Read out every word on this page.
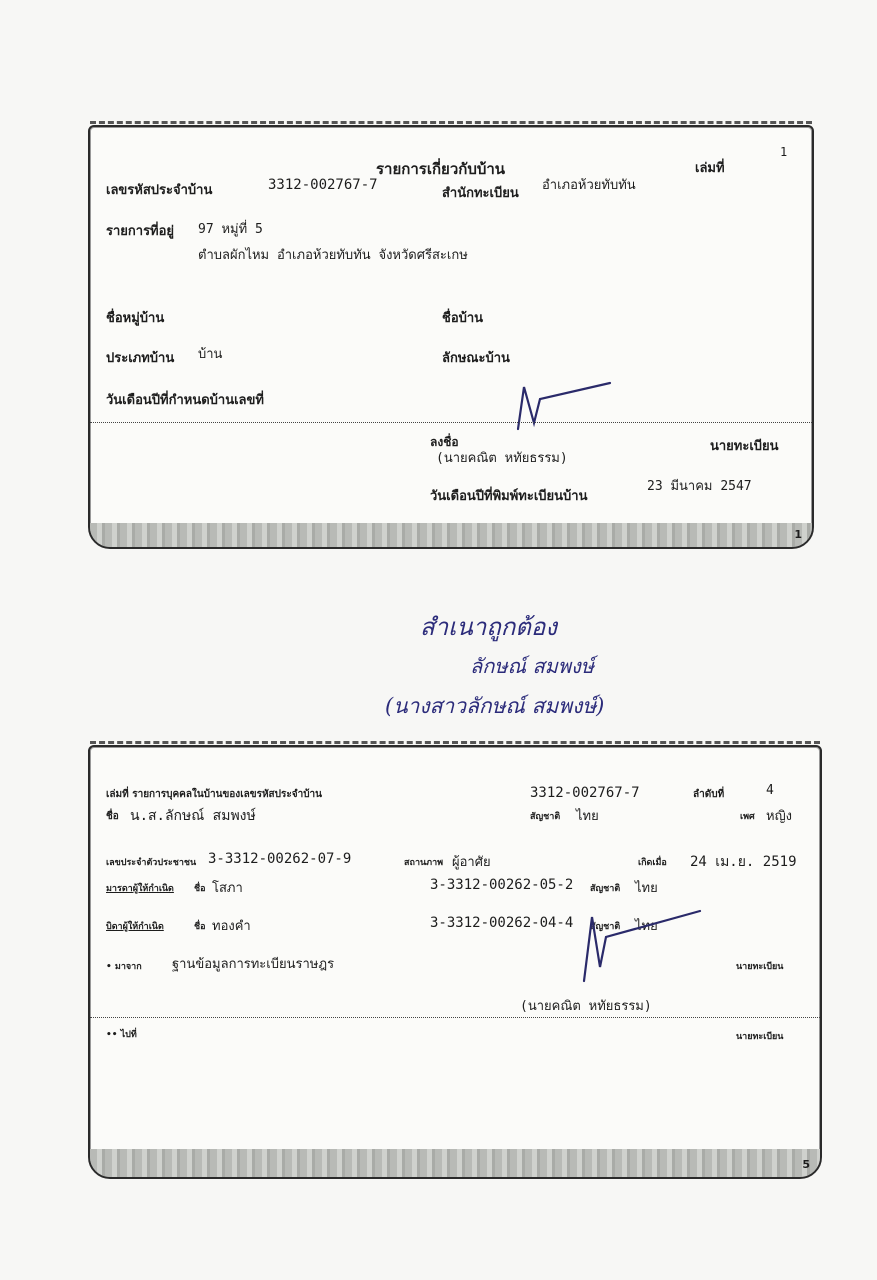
รายการเกี่ยวกับบ้าน	เล่มที่
1
เลขรหัสประจำบ้าน	3312-002767-7
สำนักทะเบียน
อำเภอห้วยทับทัน
รายการที่อยู่ 97 หมู่ที่ 5
ตำบลผักไหม อำเภอห้วยทับทัน จังหวัดศรีสะเกษ
ชื่อหมู่บ้าน	ชื่อบ้าน
ประเภทบ้าน บ้าน	ลักษณะบ้าน
วันเดือนปีที่กำหนดบ้านเลขที่
ลงชื่อ
(นายคณิต หทัยธรรม)
นายทะเบียน
วันเดือนปีที่พิมพ์ทะเบียนบ้าน
23 มีนาคม 2547
1
สำเนาถูกต้อง
ลักษณ์ สมพงษ์
(นางสาวลักษณ์ สมพงษ์)
เล่มที่ รายการบุคคลในบ้านของเลขรหัสประจำบ้าน	3312-002767-7	ลำดับที่	4
ชื่อ น.ส.ลักษณ์ สมพงษ์	สัญชาติ ไทย	เพศ หญิง
เลขประจำตัวประชาชน 3-3312-00262-07-9	สถานภาพ ผู้อาศัย	เกิดเมื่อ 24 เม.ย. 2519
มารดาผู้ให้กำเนิด ชื่อ โสภา	3-3312-00262-05-2 สัญชาติ ไทย
บิดาผู้ให้กำเนิด	ชื่อ ทองคำ	3-3312-00262-04-4 สัญชาติ ไทย
• มาจาก ฐานข้อมูลการทะเบียนราษฎร	นายทะเบียน
(นายคณิต หทัยธรรม)
•• ไปที่	นายทะเบียน
5
